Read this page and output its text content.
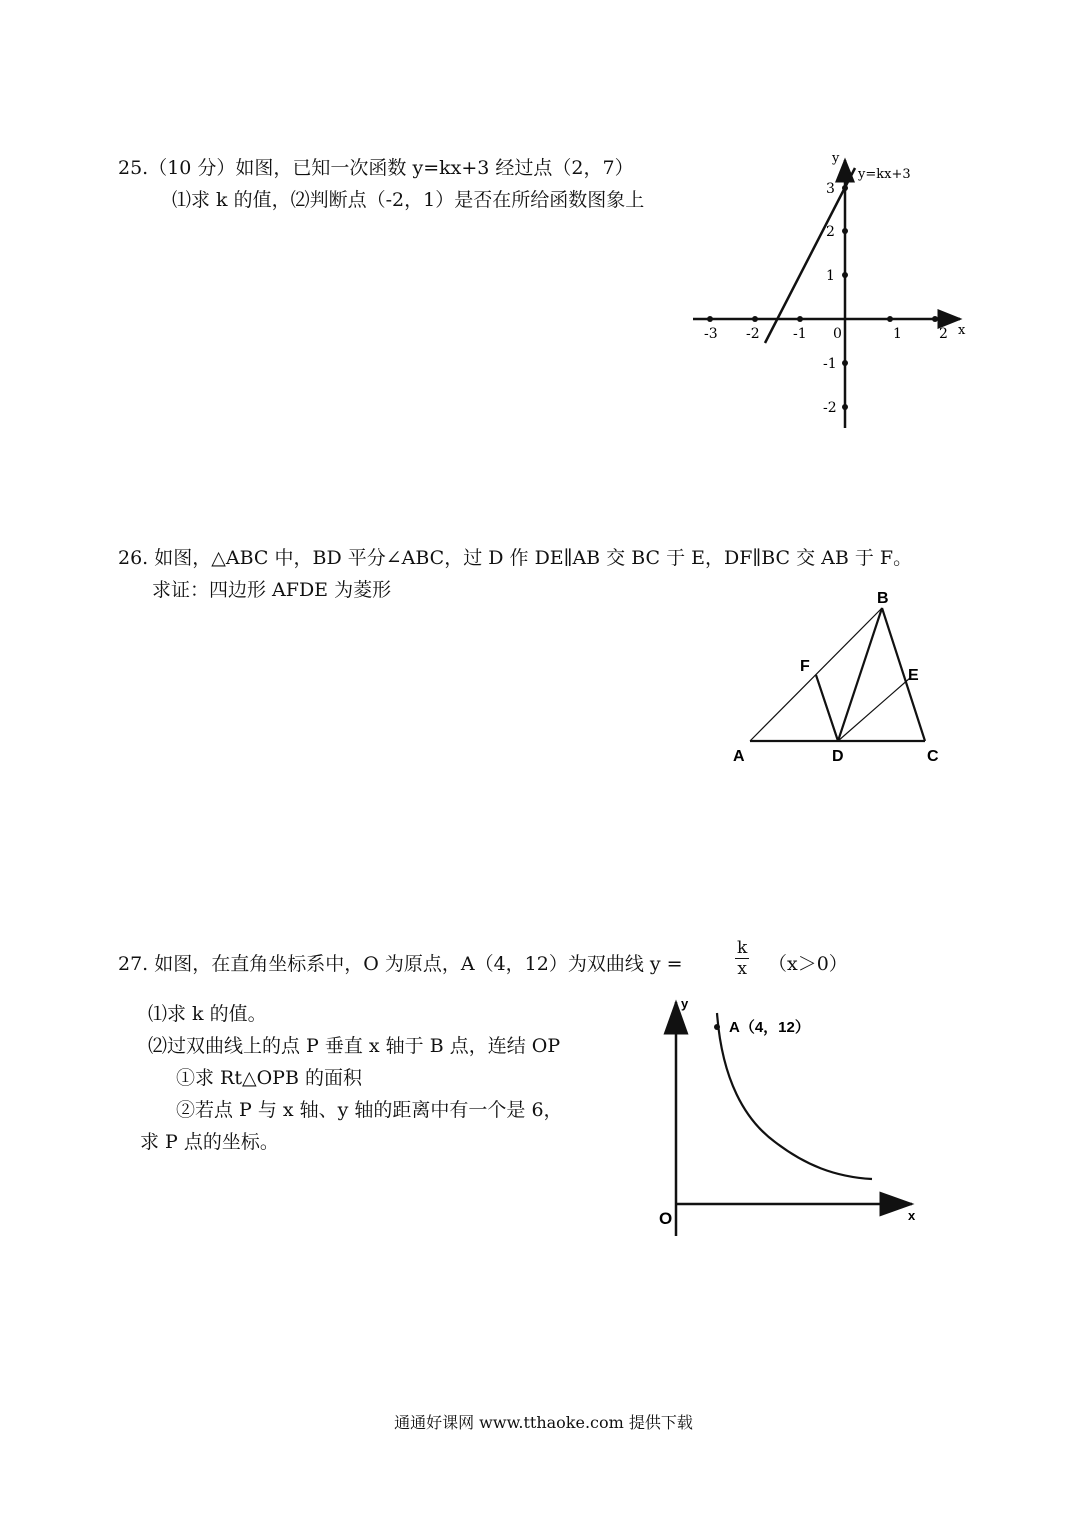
25.（10 分）如图，已知一次函数 y=kx+3 经过点（2，7）
⑴求 k 的值，⑵判断点（-2，1）是否在所给函数图象上
y=kx+3
y
x
-3 -2 -1 0	1	2
3
2
1
-1
-2
26. 如图，△ABC 中，BD 平分∠ABC，过 D 作 DE∥AB 交 BC 于 E，DF∥BC 交 AB 于 F。
求证：四边形 AFDE 为菱形
A
B
C
D
E
F
27. 如图，在直角坐标系中，O 为原点，A（4，12）为双曲线 y =	$\frac{k}{x} (x>0)$
⑴求 k 的值。
⑵过双曲线上的点 P 垂直 x 轴于 B 点，连结 OP
①求 Rt△OPB 的面积
②若点 P 与 x 轴、y 轴的距离中有一个是 6，
求 P 点的坐标。
A（4，12）
O	x
y
通通好课网 www.tthaoke.com 提供下载
